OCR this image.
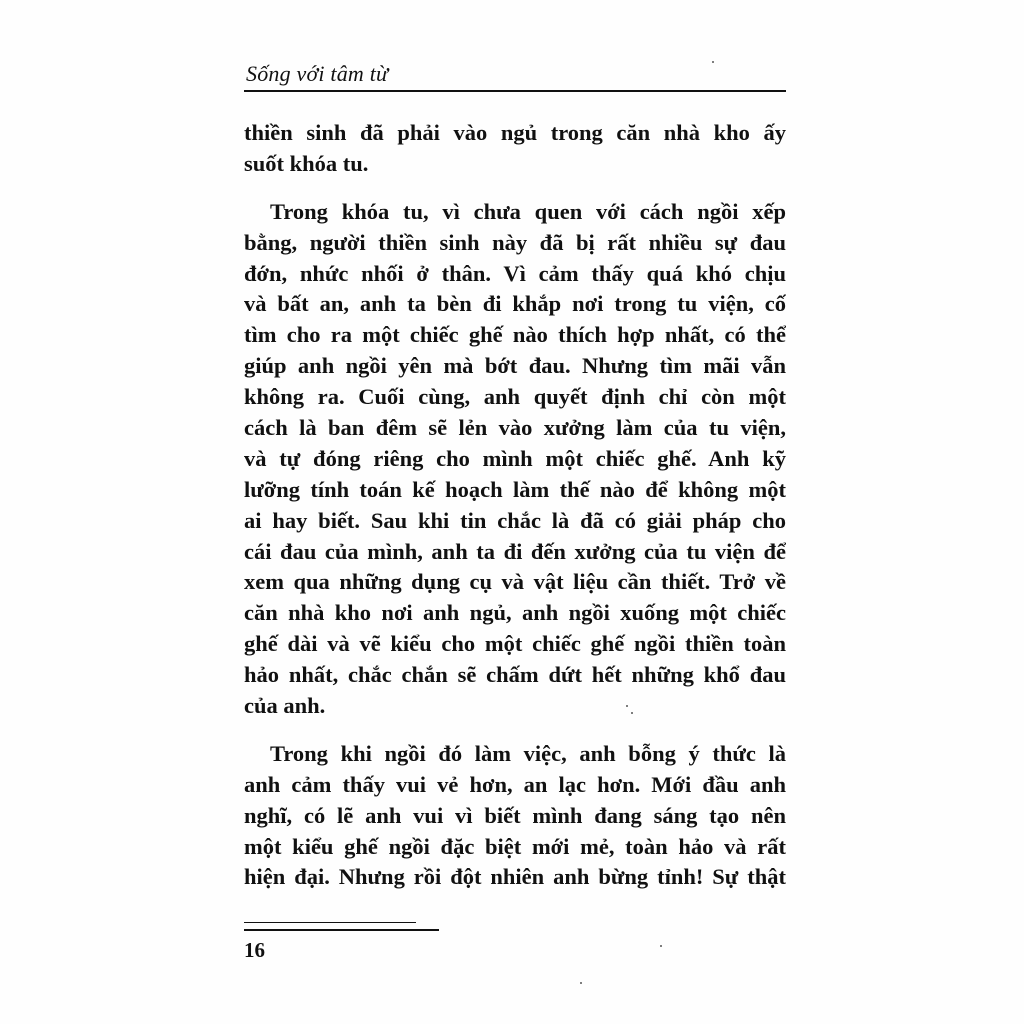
Sống với tâm từ
thiền sinh đã phải vào ngủ trong căn nhà kho ấy
suốt khóa tu.
Trong khóa tu, vì chưa quen với cách ngồi xếp
bằng, người thiền sinh này đã bị rất nhiều sự đau
đớn, nhức nhối ở thân. Vì cảm thấy quá khó chịu
và bất an, anh ta bèn đi khắp nơi trong tu viện, cố
tìm cho ra một chiếc ghế nào thích hợp nhất, có thể
giúp anh ngồi yên mà bớt đau. Nhưng tìm mãi vẫn
không ra. Cuối cùng, anh quyết định chỉ còn một
cách là ban đêm sẽ lẻn vào xưởng làm của tu viện,
và tự đóng riêng cho mình một chiếc ghế. Anh kỹ
lưỡng tính toán kế hoạch làm thế nào để không một
ai hay biết. Sau khi tin chắc là đã có giải pháp cho
cái đau của mình, anh ta đi đến xưởng của tu viện để
xem qua những dụng cụ và vật liệu cần thiết. Trở về
căn nhà kho nơi anh ngủ, anh ngồi xuống một chiếc
ghế dài và vẽ kiểu cho một chiếc ghế ngồi thiền toàn
hảo nhất, chắc chắn sẽ chấm dứt hết những khổ đau
của anh.
Trong khi ngồi đó làm việc, anh bỗng ý thức là
anh cảm thấy vui vẻ hơn, an lạc hơn. Mới đầu anh
nghĩ, có lẽ anh vui vì biết mình đang sáng tạo nên
một kiểu ghế ngồi đặc biệt mới mẻ, toàn hảo và rất
hiện đại. Nhưng rồi đột nhiên anh bừng tỉnh! Sự thật
16
